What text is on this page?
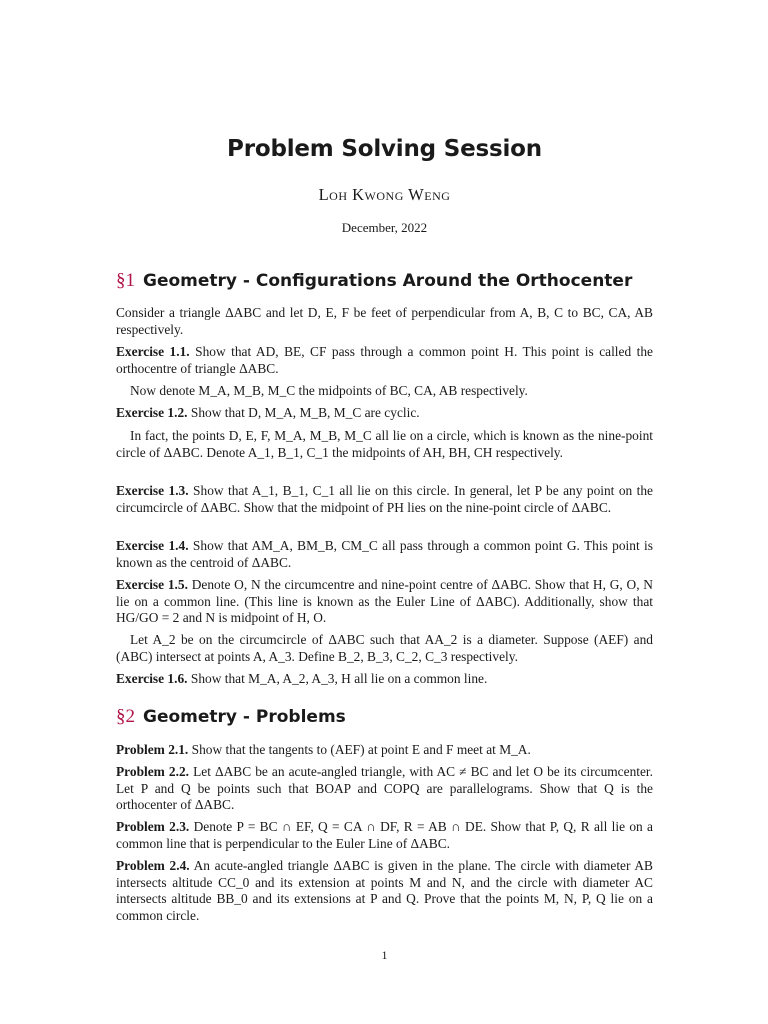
Problem Solving Session
Loh Kwong Weng
December, 2022
§1 Geometry - Configurations Around the Orthocenter
Consider a triangle ΔABC and let D, E, F be feet of perpendicular from A, B, C to BC, CA, AB respectively.
Exercise 1.1. Show that AD, BE, CF pass through a common point H. This point is called the orthocentre of triangle ΔABC.
Now denote M_A, M_B, M_C the midpoints of BC, CA, AB respectively.
Exercise 1.2. Show that D, M_A, M_B, M_C are cyclic.
In fact, the points D, E, F, M_A, M_B, M_C all lie on a circle, which is known as the nine-point circle of ΔABC. Denote A_1, B_1, C_1 the midpoints of AH, BH, CH respectively.
Exercise 1.3. Show that A_1, B_1, C_1 all lie on this circle. In general, let P be any point on the circumcircle of ΔABC. Show that the midpoint of PH lies on the nine-point circle of ΔABC.
Exercise 1.4. Show that AM_A, BM_B, CM_C all pass through a common point G. This point is known as the centroid of ΔABC.
Exercise 1.5. Denote O, N the circumcentre and nine-point centre of ΔABC. Show that H, G, O, N lie on a common line. (This line is known as the Euler Line of ΔABC). Additionally, show that HG/GO = 2 and N is midpoint of H, O.
Let A_2 be on the circumcircle of ΔABC such that AA_2 is a diameter. Suppose (AEF) and (ABC) intersect at points A, A_3. Define B_2, B_3, C_2, C_3 respectively.
Exercise 1.6. Show that M_A, A_2, A_3, H all lie on a common line.
§2 Geometry - Problems
Problem 2.1. Show that the tangents to (AEF) at point E and F meet at M_A.
Problem 2.2. Let ΔABC be an acute-angled triangle, with AC ≠ BC and let O be its circumcenter. Let P and Q be points such that BOAP and COPQ are parallelograms. Show that Q is the orthocenter of ΔABC.
Problem 2.3. Denote P = BC ∩ EF, Q = CA ∩ DF, R = AB ∩ DE. Show that P, Q, R all lie on a common line that is perpendicular to the Euler Line of ΔABC.
Problem 2.4. An acute-angled triangle ΔABC is given in the plane. The circle with diameter AB intersects altitude CC_0 and its extension at points M and N, and the circle with diameter AC intersects altitude BB_0 and its extensions at P and Q. Prove that the points M, N, P, Q lie on a common circle.
1
